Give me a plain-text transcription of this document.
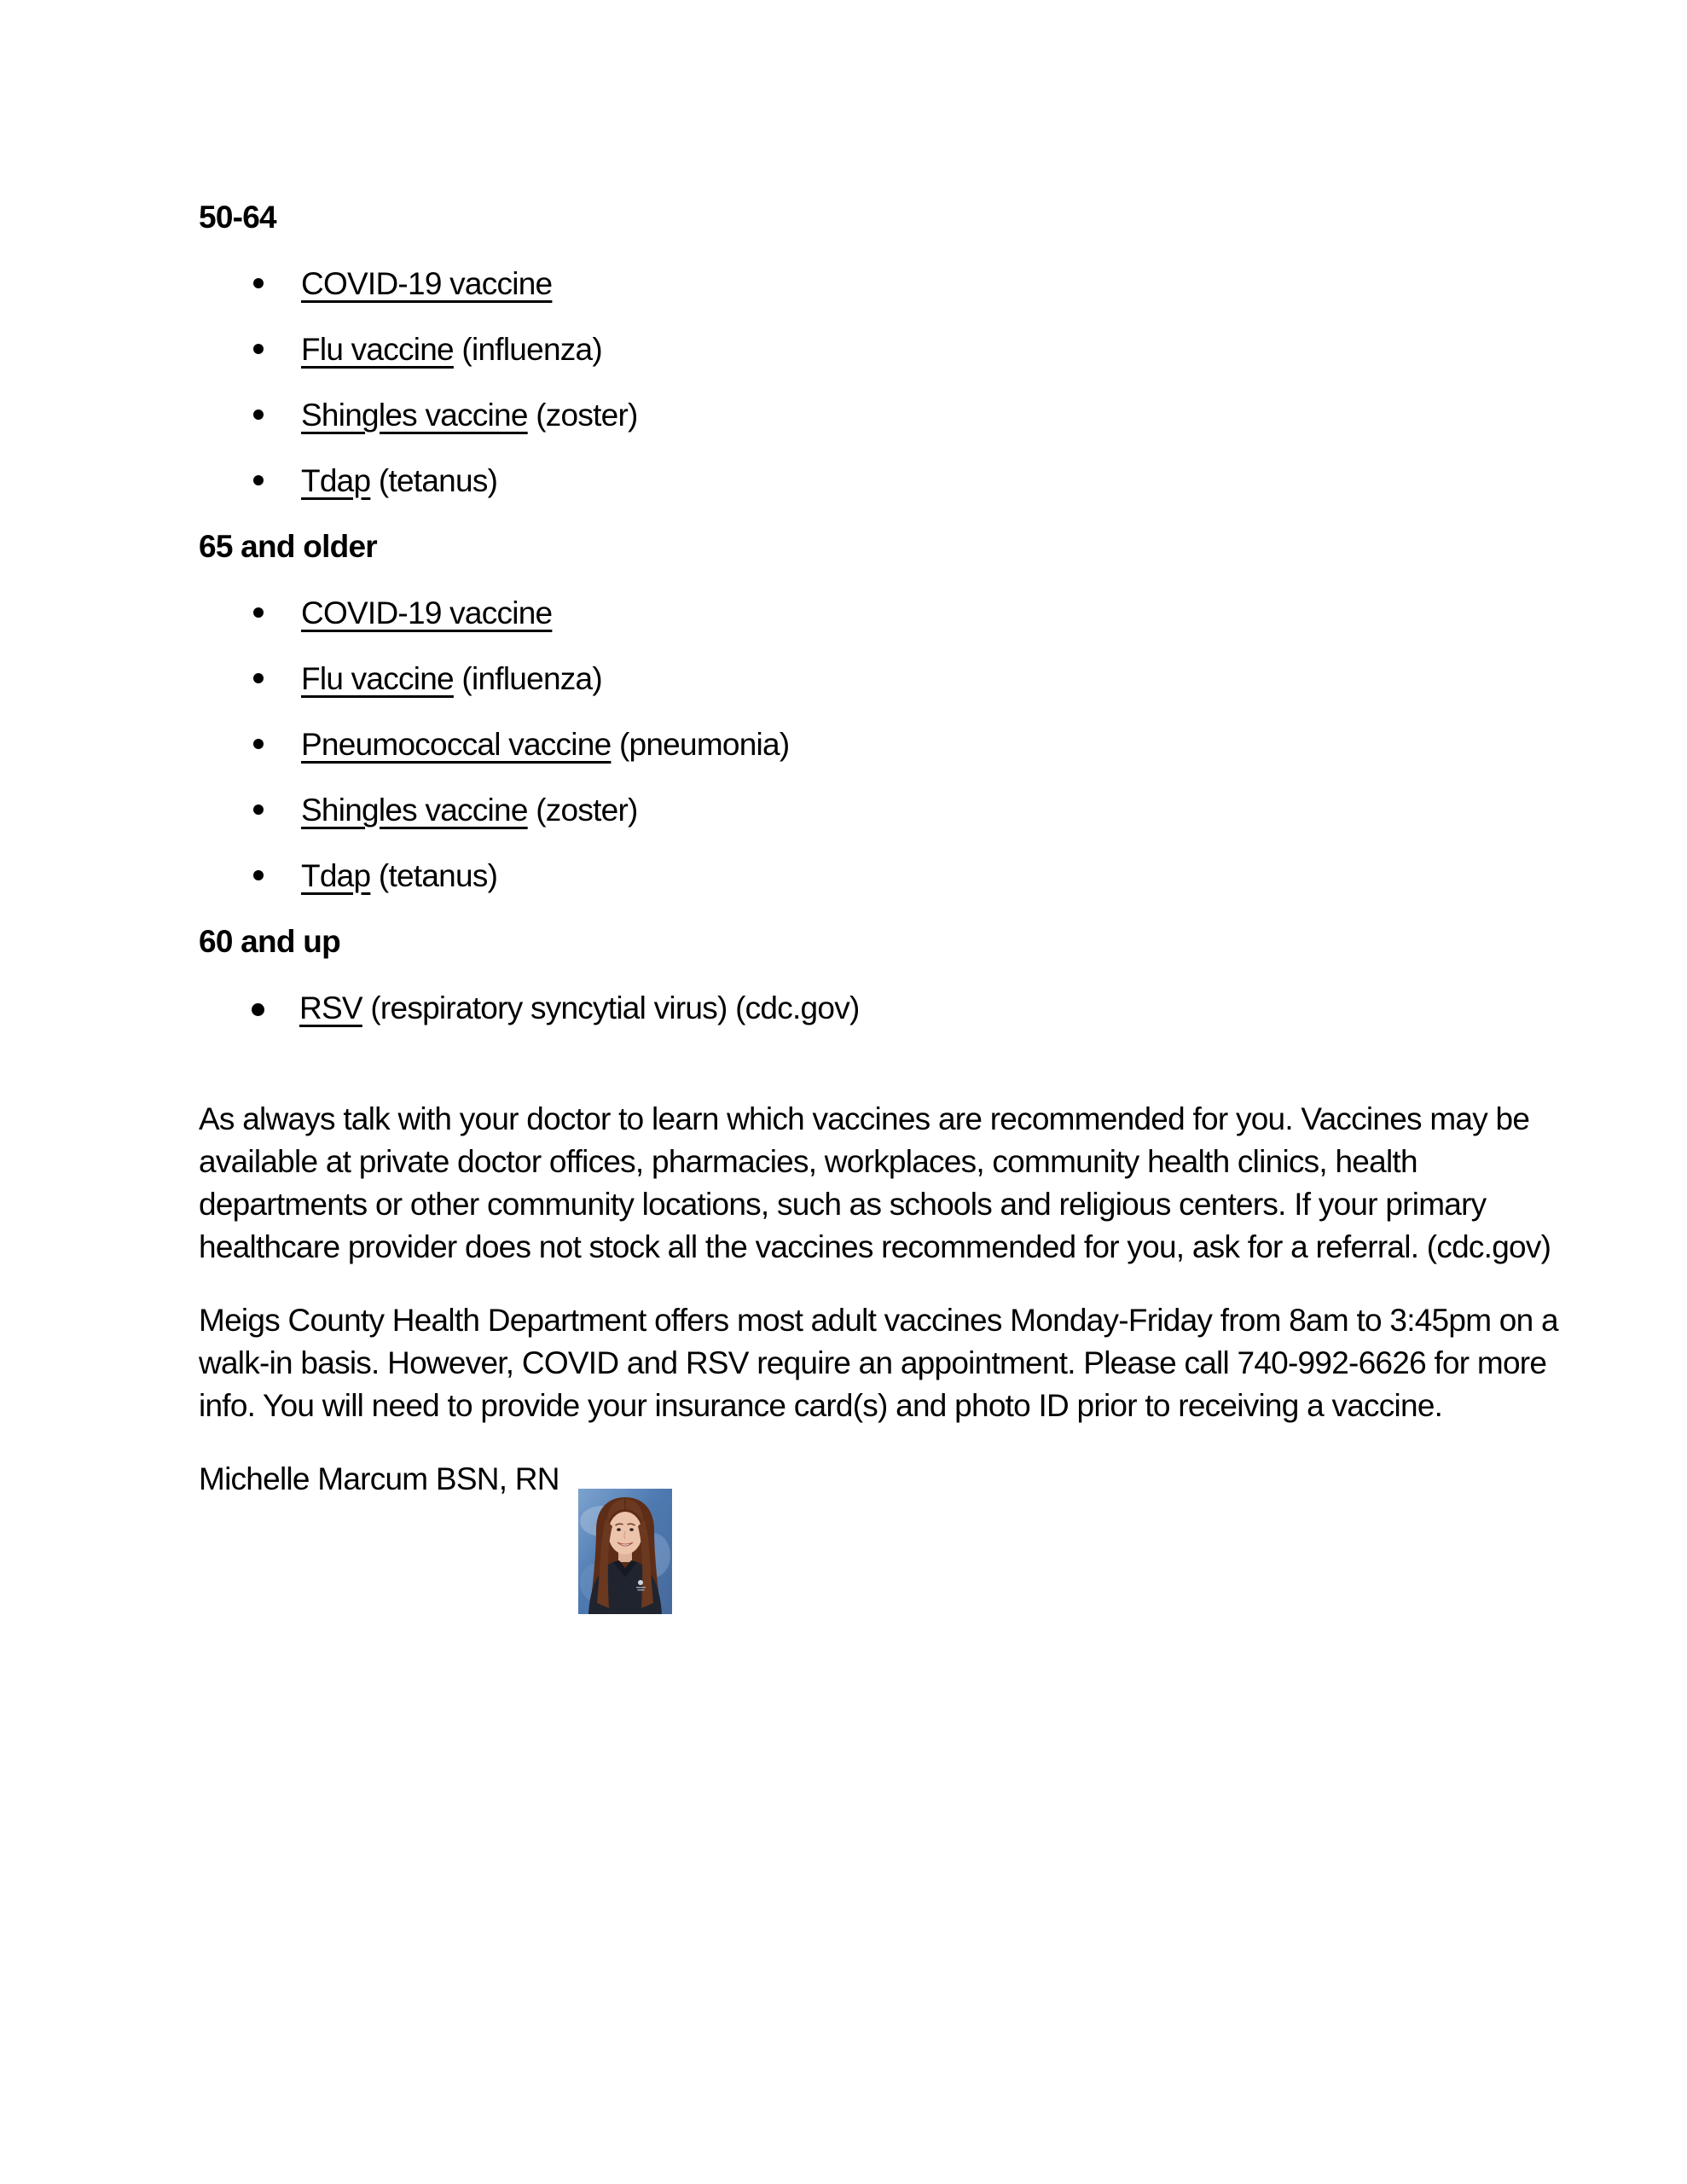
50-64
COVID-19 vaccine
Flu vaccine (influenza)
Shingles vaccine (zoster)
Tdap (tetanus)
65 and older
COVID-19 vaccine
Flu vaccine (influenza)
Pneumococcal vaccine (pneumonia)
Shingles vaccine (zoster)
Tdap (tetanus)
60 and up
RSV (respiratory syncytial virus) (cdc.gov)

As always talk with your doctor to learn which vaccines are recommended for you. Vaccines may be available at private doctor offices, pharmacies, workplaces, community health clinics, health departments or other community locations, such as schools and religious centers. If your primary healthcare provider does not stock all the vaccines recommended for you, ask for a referral. (cdc.gov)

Meigs County Health Department offers most adult vaccines Monday-Friday from 8am to 3:45pm on a walk-in basis. However, COVID and RSV require an appointment. Please call 740-992-6626 for more info. You will need to provide your insurance card(s) and photo ID prior to receiving a vaccine.

Michelle Marcum BSN, RN
